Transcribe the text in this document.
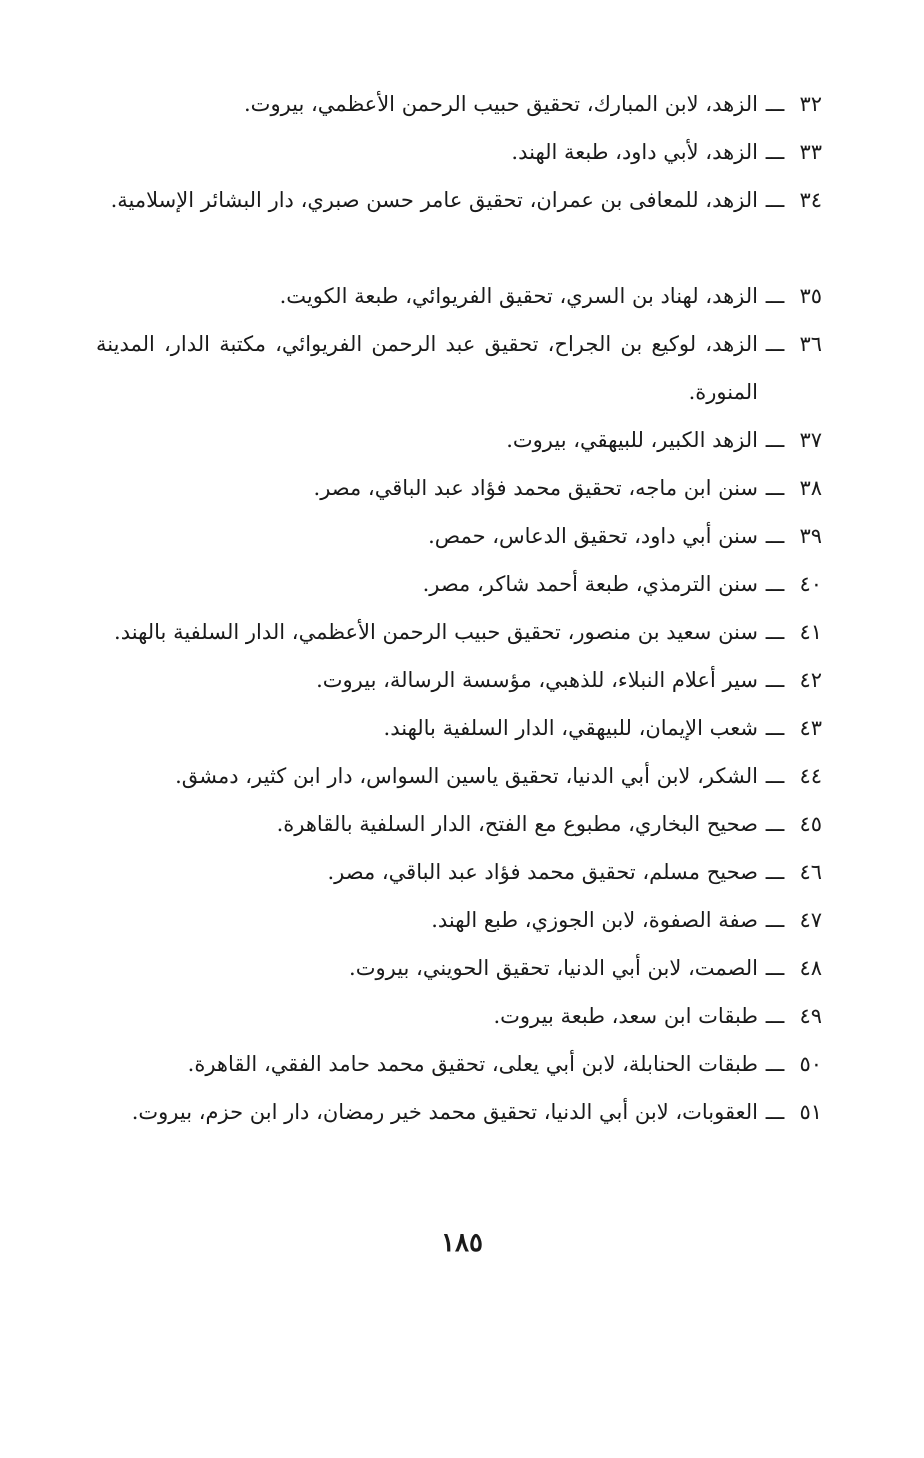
٣٢
ـــ
الزهد، لابن المبارك، تحقيق حبيب الرحمن الأعظمي، بيروت.
٣٣
ـــ
الزهد، لأبي داود، طبعة الهند.
٣٤
ـــ
الزهد، للمعافى بن عمران، تحقيق عامر حسن صبري، دار البشائر الإسلامية.
٣٥
ـــ
الزهد، لهناد بن السري، تحقيق الفريوائي، طبعة الكويت.
٣٦
ـــ
الزهد، لوكيع بن الجراح، تحقيق عبد الرحمن الفريوائي، مكتبة الدار، المدينة المنورة.
٣٧
ـــ
الزهد الكبير، للبيهقي، بيروت.
٣٨
ـــ
سنن ابن ماجه، تحقيق محمد فؤاد عبد الباقي، مصر.
٣٩
ـــ
سنن أبي داود، تحقيق الدعاس، حمص.
٤٠
ـــ
سنن الترمذي، طبعة أحمد شاكر، مصر.
٤١
ـــ
سنن سعيد بن منصور، تحقيق حبيب الرحمن الأعظمي، الدار السلفية بالهند.
٤٢
ـــ
سير أعلام النبلاء، للذهبي، مؤسسة الرسالة، بيروت.
٤٣
ـــ
شعب الإيمان، للبيهقي، الدار السلفية بالهند.
٤٤
ـــ
الشكر، لابن أبي الدنيا، تحقيق ياسين السواس، دار ابن كثير، دمشق.
٤٥
ـــ
صحيح البخاري، مطبوع مع الفتح، الدار السلفية بالقاهرة.
٤٦
ـــ
صحيح مسلم، تحقيق محمد فؤاد عبد الباقي، مصر.
٤٧
ـــ
صفة الصفوة، لابن الجوزي، طبع الهند.
٤٨
ـــ
الصمت، لابن أبي الدنيا، تحقيق الحويني، بيروت.
٤٩
ـــ
طبقات ابن سعد، طبعة بيروت.
٥٠
ـــ
طبقات الحنابلة، لابن أبي يعلى، تحقيق محمد حامد الفقي، القاهرة.
٥١
ـــ
العقوبات، لابن أبي الدنيا، تحقيق محمد خير رمضان، دار ابن حزم، بيروت.
١٨٥
